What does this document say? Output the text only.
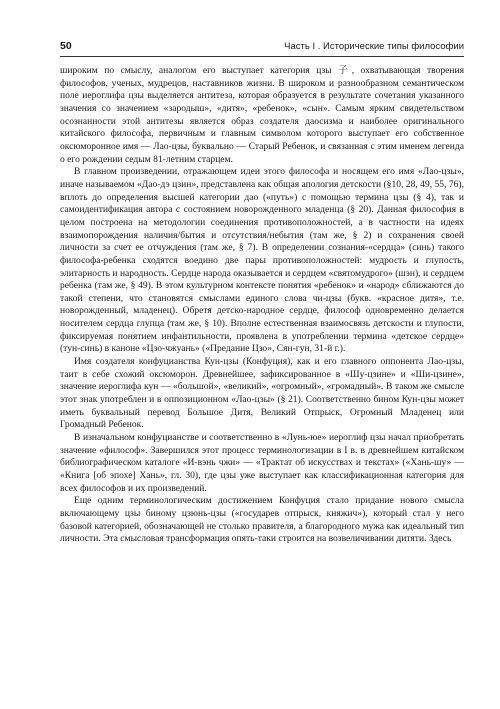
50	Часть I . Исторические типы философии

широким по смыслу, аналогом его выступает категория цзы 子, охватывающая творения философов, ученых, мудрецов, наставников жизни. В широком и разнообразном семантическом поле иероглифа цзы выделяется антитеза, которая образуется в результате сочетания указанного значения со значением «зародыш», «дитя», «ребенок», «сын». Самым ярким свидетельством осознанности этой антитезы является образ создателя даосизма и наиболее оригинального китайского философа, первичным и главным символом которого выступает его собственное оксюморонное имя — Лао-цзы, буквально — Старый Ребенок, и связанная с этим именем легенда о его рождении седым 81-летним старцем.

В главном произведении, отражающем идеи этого философа и носящем его имя «Лао-цзы», иначе называемом «Дао-дэ цзин», представлена как общая апология детскости (§10, 28, 49, 55, 76), вплоть до определения высшей категории дао («путь») с помощью термина цзы (§ 4), так и самоидентификация автора с состоянием новорожденного младенца (§ 20). Данная философия в целом построена на методологии соединения противоположностей, а в частности на идеях взаимопорождения наличия/бытия и отсутствия/небытия (там же, § 2) и сохранения своей личности за счет ее отчуждения (там же, § 7). В определении сознания-«сердца» (синь) такого философа-ребенка сходятся воедино две пары противоположностей: мудрость и глупость, элитарность и народность. Сердце народа оказывается и сердцем «святомудрого» (шэн), и сердцем ребенка (там же, § 49). В этом культурном контексте понятия «ребенок» и «народ» сближаются до такой степени, что становятся смыслами единого слова чи-цзы (букв. «красное дитя», т.е. новорожденный, младенец). Обретя детско-народное сердце, философ одновременно делается носителем сердца глупца (там же, § 10). Вполне естественная взаимосвязь детскости и глупости, фиксируемая понятием инфантильности, проявлена в употреблении термина «детское сердце» (тун-синь) в каноне «Цзо-чжуань» («Предание Цзо», Сян-гун, 31-й г.).

Имя создателя конфуцианства Кун-цзы (Конфуция), как и его главного оппонента Лао-цзы, таит в себе схожий оксюморон. Древнейшее, зафиксированное в «Шу-цзине» и «Ши-цзине», значение иероглифа кун — «большой», «великий», «огромный», «громадный». В таком же смысле этот знак употреблен и в оппозиционном «Лао-цзы» (§ 21). Соответственно бином Кун-цзы может иметь буквальный перевод Большое Дитя, Великий Отпрыск, Огромный Младенец или Громадный Ребенок.

В изначальном конфуцианстве и соответственно в «Лунь-юе» иероглиф цзы начал приобретать значение «философ». Завершился этот процесс терминологизации в I в. в древнейшем китайском библиографическом каталоге «И-вэнь чжи» — «Трактат об искусствах и текстах» («Хань-шу» — «Книга [об эпохе] Хань», гл. 30), где цзы уже выступает как классификационная категория для всех философов и их произведений.

Еще одним терминологическим достижением Конфуция стало придание нового смысла включающему цзы биному цзюнь-цзы («государев отпрыск, княжич»), который стал у него базовой категорией, обозначающей не столько правителя, а благородного мужа как идеальный тип личности. Эта смысловая трансформация опять-таки строится на возвеличивании дитяти. Здесь
